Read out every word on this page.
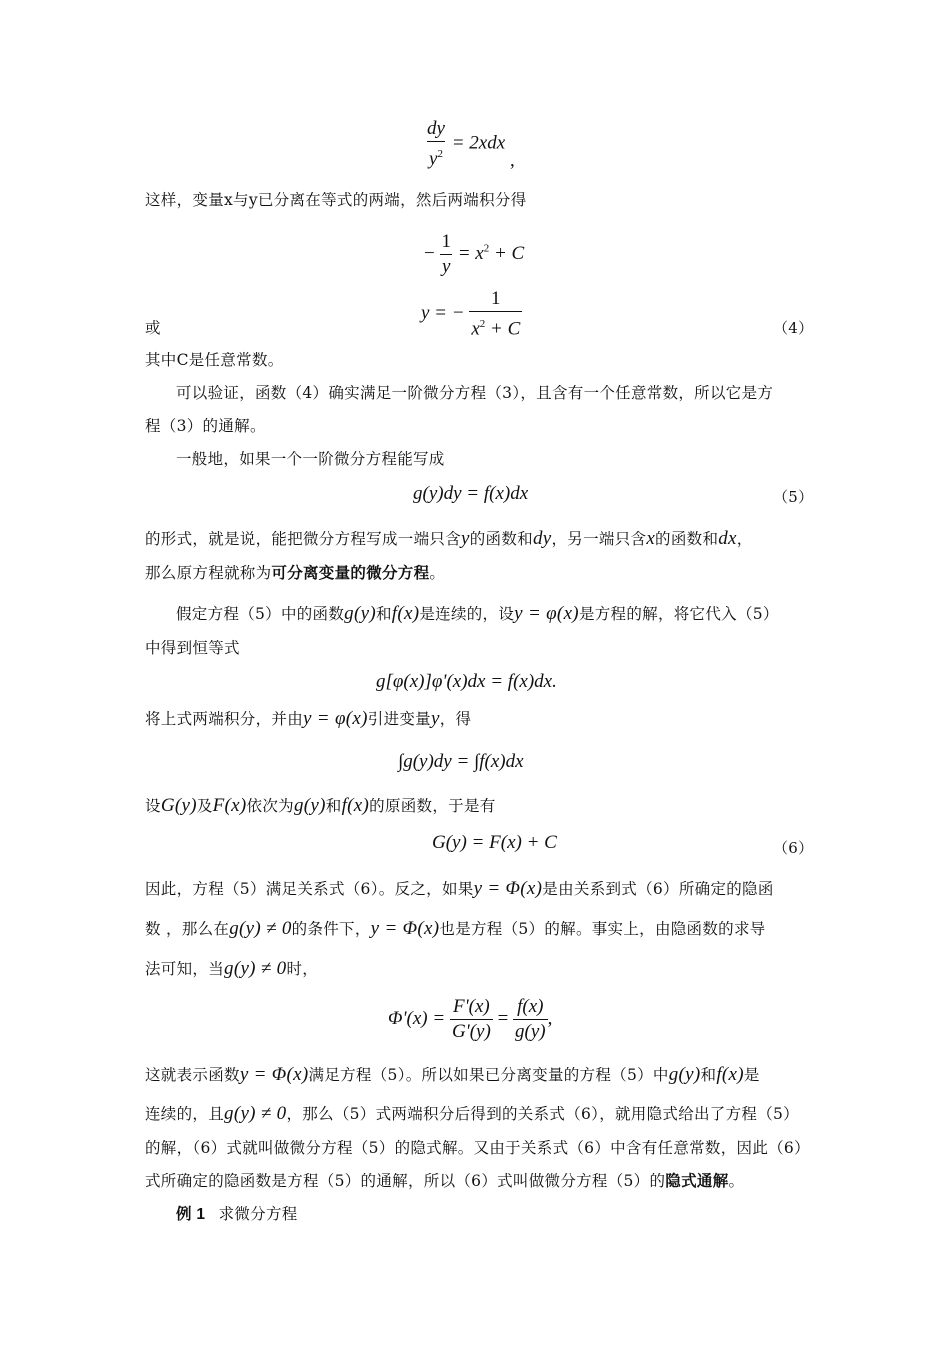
$\frac{dy}{y^2} = 2xdx$
,
这样，变量x与y已分离在等式的两端，然后两端积分得
− $\frac{1}{y} = x^2 + C$
或
y = − $\frac{1}{x^2 + C}$	（4）
其中C是任意常数。
可以验证，函数（4）确实满足一阶微分方程（3），且含有一个任意常数，所以它是方
程（3）的通解。
一般地，如果一个一阶微分方程能写成
g(y)dy = f(x)dx	（5）
的形式，就是说，能把微分方程写成一端只含 y 的函数和 dy ，另一端只含 x 的函数和 dx ，
那么原方程就称为可分离变量的微分方程。
假定方程（5）中的函数 g(y) 和 f(x) 是连续的，设 y = φ(x) 是方程的解，将它代入（5）
中得到恒等式
g[φ(x)]φ'(x)dx = f(x)dx.
将上式两端积分，并由 y = φ(x) 引进变量 y ，得
∫g(y)dy = ∫f(x)dx
设 G(y) 及 F(x) 依次为 g(y) 和 f(x) 的原函数，于是有
G(y) = F(x) + C	（6）
因此，方程（5）满足关系式（6）。反之，如果 y = Φ(x) 是由关系到式（6）所确定的隐函
数 ，那么在 g(y) ≠ 0 的条件下， y = Φ(x) 也是方程（5）的解。事实上，由隐函数的求导
法可知，当 g(y) ≠ 0 时，
$\Phi'(x) = \frac{F'(x)}{G'(y)} = \frac{f(x)}{g(y)}$ ,
这就表示函数 y = Φ(x) 满足方程（5）。所以如果已分离变量的方程（5）中 g(y) 和 f(x) 是
连续的，且 g(y) ≠ 0 ，那么（5）式两端积分后得到的关系式（6），就用隐式给出了方程（5）
的解，（6）式就叫做微分方程（5）的隐式解。又由于关系式（6）中含有任意常数，因此（6）
式所确定的隐函数是方程（5）的通解，所以（6）式叫做微分方程（5）的隐式通解。
例 1 求微分方程
